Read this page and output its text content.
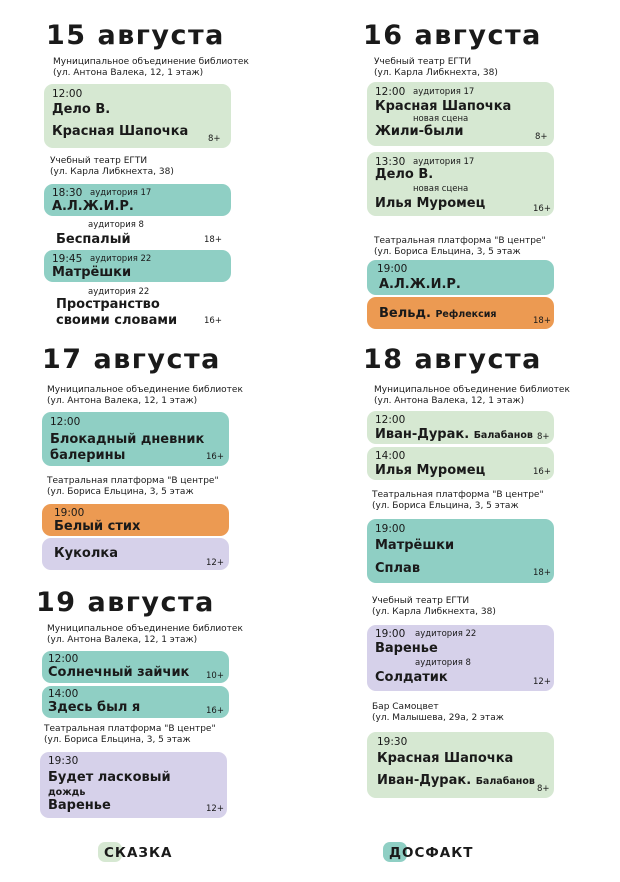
15 августа
Муниципальное объединение библиотек
(ул. Антона Валека, 12, 1 этаж)
12:00
Дело В.
Красная Шапочка 8+
Учебный театр ЕГТИ
(ул. Карла Либкнехта, 38)
18:30 аудитория 17
А.Л.Ж.И.Р.
аудитория 8
Беспалый	18+
19:45 аудитория 22
Матрёшки
аудитория 22
Пространство
своими словами	16+
16 августа
Учебный театр ЕГТИ
(ул. Карла Либкнехта, 38)
12:00 аудитория 17
Красная Шапочка
новая сцена
Жили-были	8+
13:30 аудитория 17
Дело В.
новая сцена
Илья Муромец	16+
Театральная платформа "В центре"
(ул. Бориса Ельцина, 3, 5 этаж
19:00
А.Л.Ж.И.Р.
Вельд. Рефлексия
18+
17 августа
Муниципальное объединение библиотек
(ул. Антона Валека, 12, 1 этаж)
12:00
Блокадный дневник
балерины	16+
Театральная платформа "В центре"
(ул. Бориса Ельцина, 3, 5 этаж
19:00
Белый стих
Куколка
12+
18 августа
Муниципальное объединение библиотек
(ул. Антона Валека, 12, 1 этаж)
12:00
Иван-Дурак. Балабанов 8+
14:00
Илья Муромец	16+
Театральная платформа "В центре"
(ул. Бориса Ельцина, 3, 5 этаж
19:00
Матрёшки
Сплав	18+
Учебный театр ЕГТИ
(ул. Карла Либкнехта, 38)
19:00 аудитория 22
Варенье
аудитория 8
Солдатик	12+
Бар Самоцвет
(ул. Малышева, 29а, 2 этаж
19:30
Красная Шапочка
Иван-Дурак. Балабанов
8+
19 августа
Муниципальное объединение библиотек
(ул. Антона Валека, 12, 1 этаж)
12:00
Солнечный зайчик 10+
14:00
Здесь был я	16+
Театральная платформа "В центре"
(ул. Бориса Ельцина, 3, 5 этаж
19:30
Будет ласковый
дождь
Варенье	12+
СКАЗКА	ДОСФАКТ
